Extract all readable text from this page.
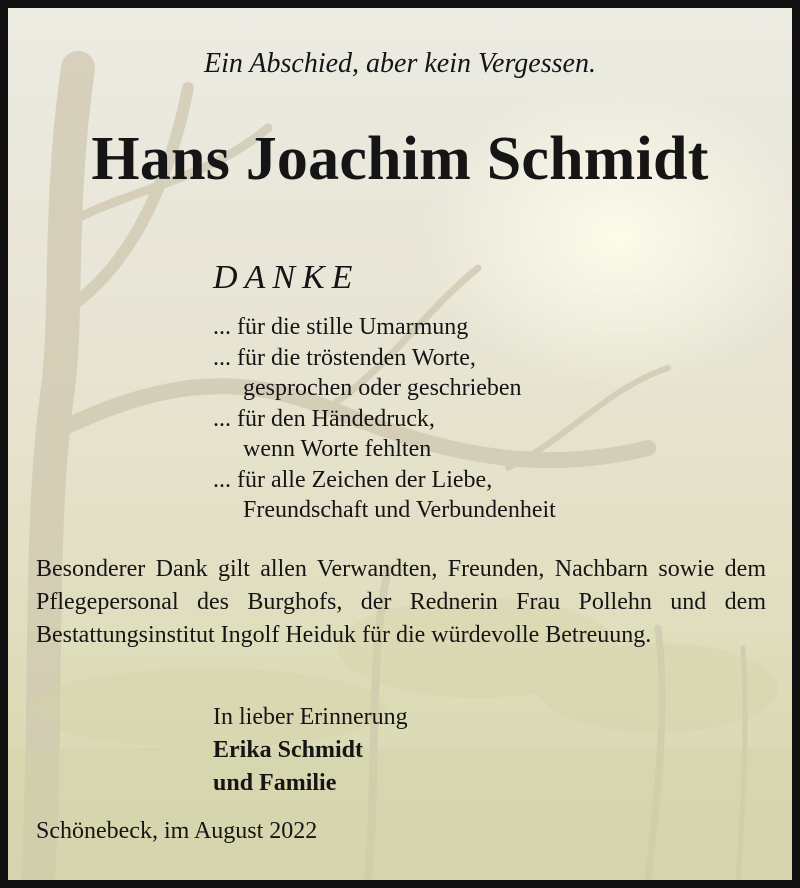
Ein Abschied, aber kein Vergessen.
Hans Joachim Schmidt
DANKE
... für die stille Umarmung
... für die tröstenden Worte,
gesprochen oder geschrieben
... für den Händedruck,
wenn Worte fehlten
... für alle Zeichen der Liebe,
Freundschaft und Verbundenheit
Besonderer Dank gilt allen Verwandten, Freunden, Nachbarn sowie dem Pflegepersonal des Burghofs, der Rednerin Frau Pollehn und dem Bestattungsinstitut Ingolf Heiduk für die würdevolle Betreuung.
In lieber Erinnerung
Erika Schmidt
und Familie
Schönebeck, im August 2022
